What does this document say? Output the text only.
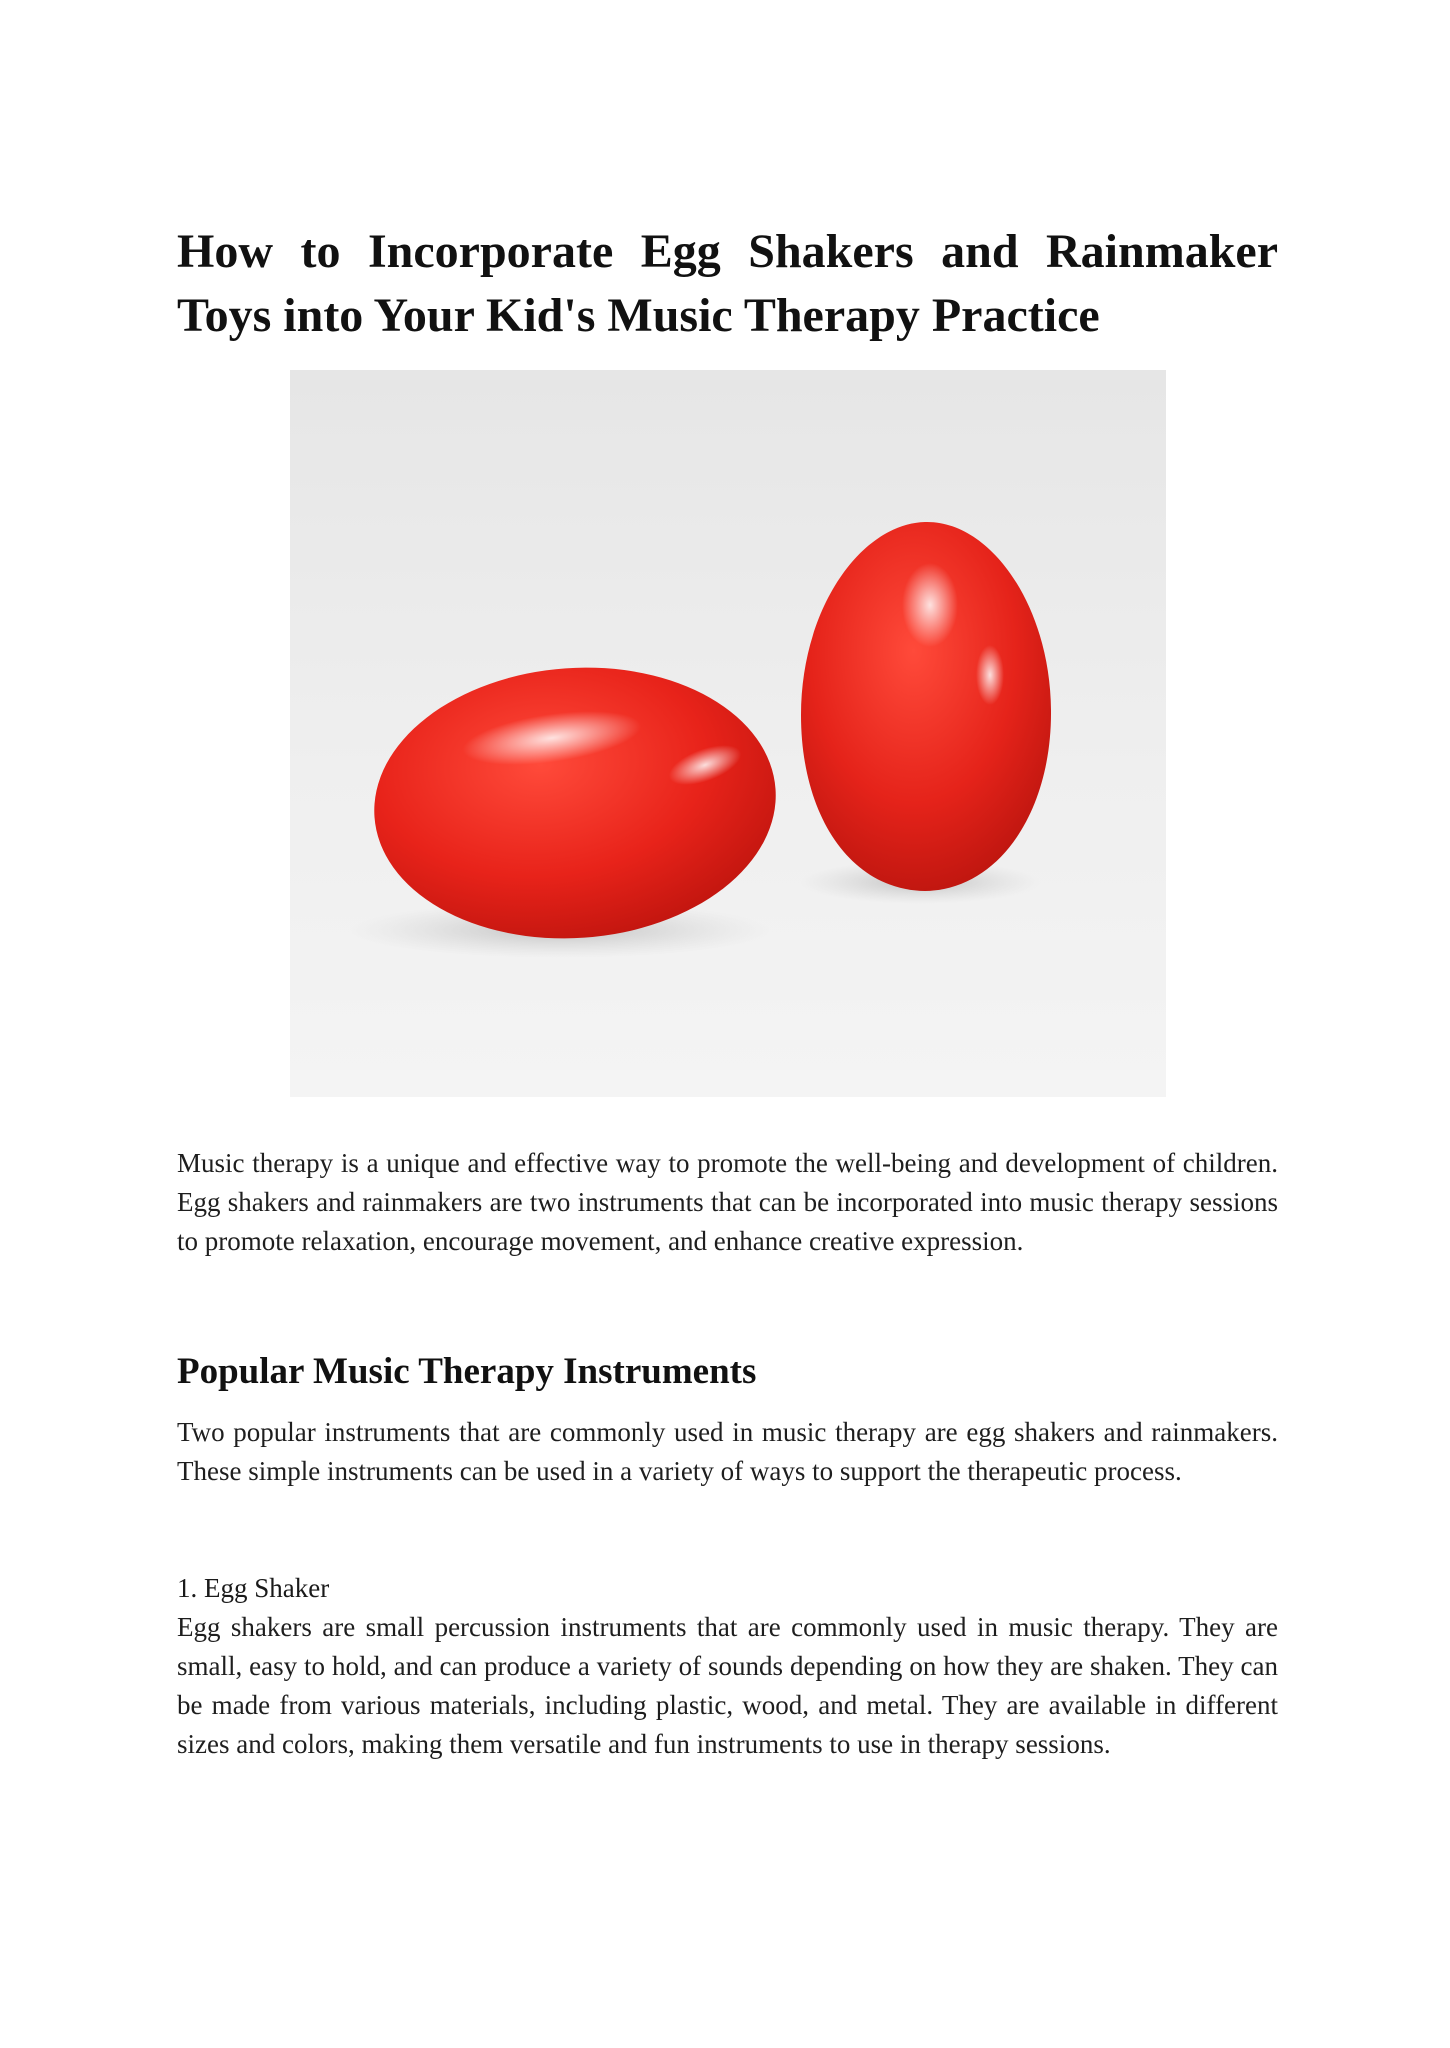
How to Incorporate Egg Shakers and Rainmaker Toys into Your Kid's Music Therapy Practice

Music therapy is a unique and effective way to promote the well-being and development of children. Egg shakers and rainmakers are two instruments that can be incorporated into music therapy sessions to promote relaxation, encourage movement, and enhance creative expression.

Popular Music Therapy Instruments

Two popular instruments that are commonly used in music therapy are egg shakers and rainmakers. These simple instruments can be used in a variety of ways to support the therapeutic process.

1. Egg Shaker

Egg shakers are small percussion instruments that are commonly used in music therapy. They are small, easy to hold, and can produce a variety of sounds depending on how they are shaken. They can be made from various materials, including plastic, wood, and metal. They are available in different sizes and colors, making them versatile and fun instruments to use in therapy sessions.
